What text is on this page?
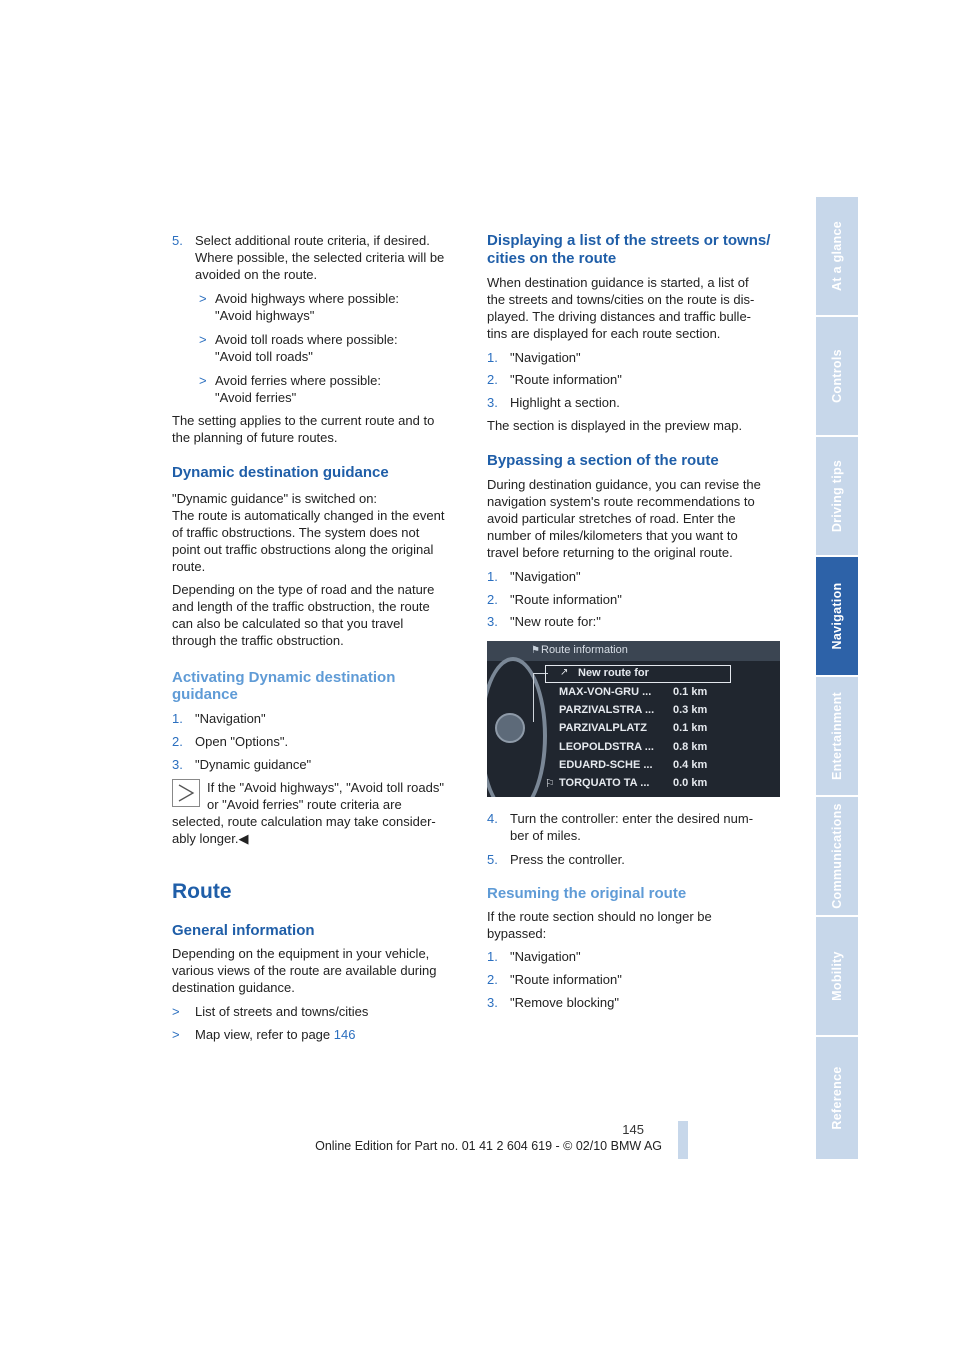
5. Select additional route criteria, if desired.

Where possible, the selected criteria will be

avoided on the route.

> Avoid highways where possible:

"Avoid highways"

> Avoid toll roads where possible:

"Avoid toll roads"

> Avoid ferries where possible:

"Avoid ferries"

The setting applies to the current route and to

the planning of future routes.

Dynamic destination guidance

"Dynamic guidance" is switched on:

The route is automatically changed in the event

of traffic obstructions. The system does not

point out traffic obstructions along the original

route.

Depending on the type of road and the nature

and length of the traffic obstruction, the route

can also be calculated so that you travel

through the traffic obstruction.

Activating Dynamic destination
guidance

1. "Navigation"

2. Open "Options".

3. "Dynamic guidance"

If the "Avoid highways", "Avoid toll roads"

or "Avoid ferries" route criteria are

selected, route calculation may take consider-

ably longer.◀

Route
General information

Depending on the equipment in your vehicle,

various views of the route are available during

destination guidance.

> List of streets and towns/cities

> Map view, refer to page 146

Displaying a list of the streets or towns/
cities on the route

When destination guidance is started, a list of

the streets and towns/cities on the route is dis-

played. The driving distances and traffic bulle-

tins are displayed for each route section.

1. "Navigation"

2. "Route information"

3. Highlight a section.

The section is displayed in the preview map.

Bypassing a section of the route

During destination guidance, you can revise the

navigation system's route recommendations to

avoid particular stretches of road. Enter the

number of miles/kilometers that you want to

travel before returning to the original route.

1. "Navigation"

2. "Route information"

3. "New route for:"

4. Turn the controller: enter the desired num-

ber of miles.

5. Press the controller.

Resuming the original route

If the route section should no longer be

bypassed:

1. "Navigation"

2. "Route information"

3. "Remove blocking"

⚑ Route information
↗ New route for
MAX-VON-GRU ... 0.1 km
PARZIVALSTRA ... 0.3 km
PARZIVALPLATZ 0.1 km
LEOPOLDSTRA ... 0.8 km
EDUARD-SCHE ... 0.4 km
⚐ TORQUATO TA ... 0.0 km
At a glance
Controls
Driving tips
Navigation
Entertainment
Communications
Mobility
Reference
145
Online Edition for Part no. 01 41 2 604 619 - © 02/10 BMW AG
